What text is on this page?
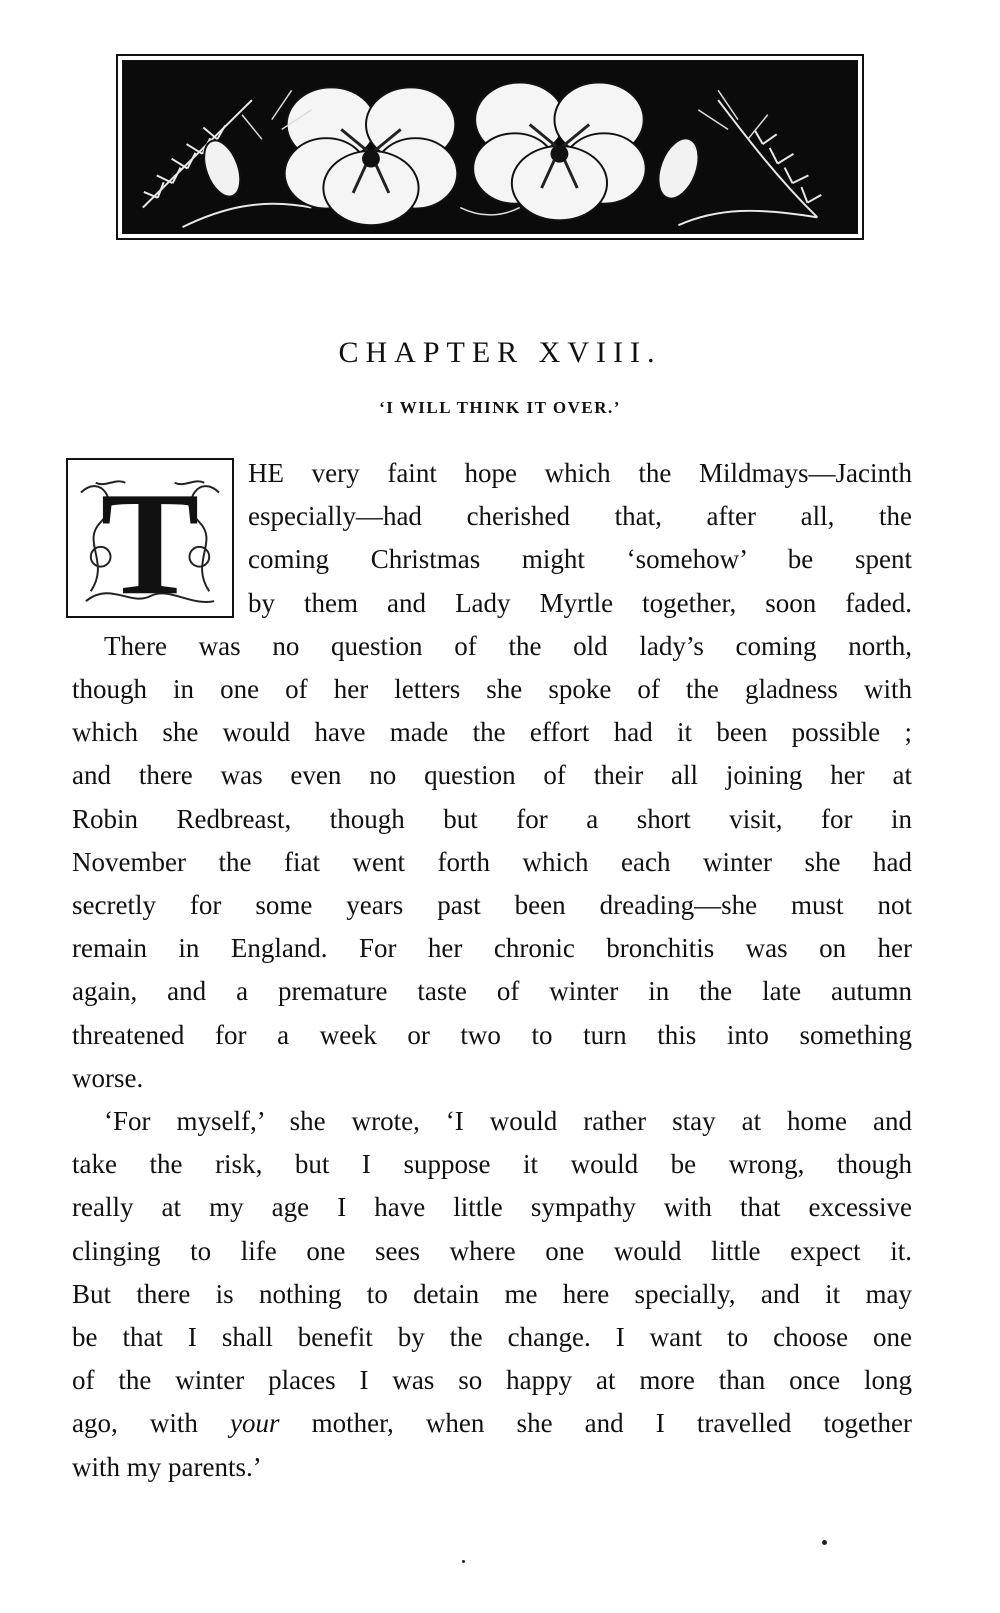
CHAPTER XVIII.
‘I WILL THINK IT OVER.’
T	HE very faint hope which the Mildmays—Jacinth
especially—had cherished that, after all, the
coming Christmas might ‘somehow’ be spent
by them and Lady Myrtle together, soon faded.
There was no question of the old lady’s coming north,
though in one of her letters she spoke of the gladness with
which she would have made the effort had it been possible ;
and there was even no question of their all joining her at
Robin Redbreast, though but for a short visit, for in
November the fiat went forth which each winter she had
secretly for some years past been dreading—she must not
remain in England. For her chronic bronchitis was on her
again, and a premature taste of winter in the late autumn
threatened for a week or two to turn this into something
worse.
‘For myself,’ she wrote, ‘I would rather stay at home and
take the risk, but I suppose it would be wrong, though
really at my age I have little sympathy with that excessive
clinging to life one sees where one would little expect it.
But there is nothing to detain me here specially, and it may
be that I shall benefit by the change. I want to choose one
of the winter places I was so happy at more than once long
ago, with your mother, when she and I travelled together
with my parents.’
